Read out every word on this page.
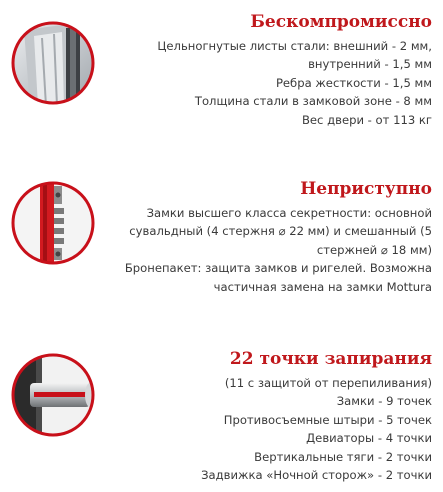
Бескомпромиссно
Цельногнутые листы стали: внешний - 2 мм,
внутренний - 1,5 мм
Ребра жесткости - 1,5 мм
Толщина стали в замковой зоне - 8 мм
Вес двери - от 113 кг
Неприступно
Замки высшего класса секретности: основной
сувальдный (4 стержня ⌀ 22 мм) и смешанный (5
стержней ⌀ 18 мм)
Бронепакет: защита замков и ригелей. Возможна
частичная замена на замки Mottura
22 точки запирания
(11 с защитой от перепиливания)
Замки - 9 точек
Противосъемные штыри - 5 точек
Девиаторы - 4 точки
Вертикальные тяги - 2 точки
Задвижка «Ночной сторож» - 2 точки
